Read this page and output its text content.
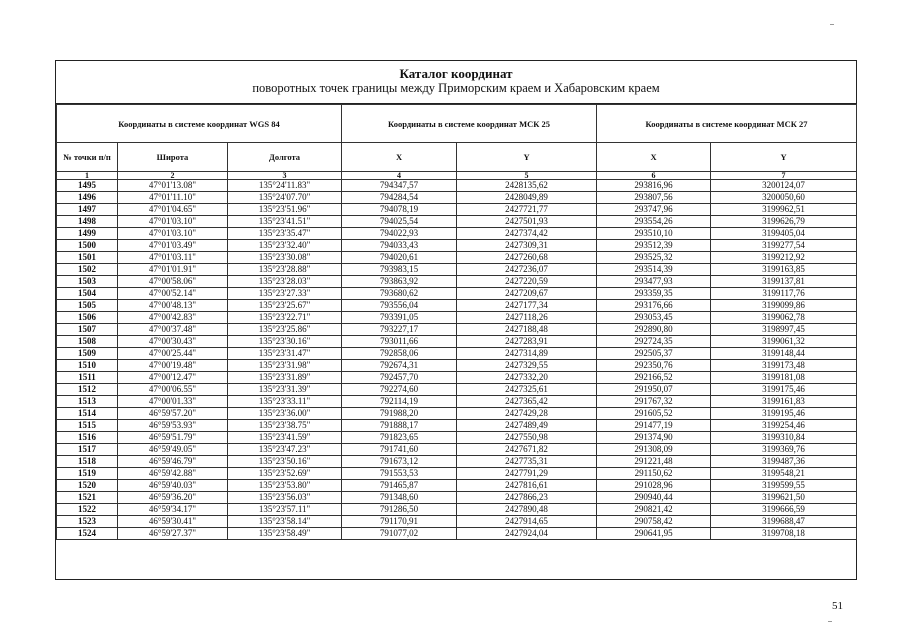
Каталог координат
поворотных точек границы между Приморским краем и Хабаровским краем
Координаты в системе координат WGS 84			Координаты в системе координат МСК 25		Координаты в системе координат МСК 27	
№ точки п/п	Широта	Долгота	X	Y	X	Y
1	2	3	4	5	6	7
1495	47°01'13.08"	135°24'11.83"	794347,57	2428135,62	293816,96	3200124,07
1496	47°01'11.10"	135°24'07.70"	794284,54	2428049,89	293807,56	3200050,60
1497	47°01'04.65"	135°23'51.96"	794078,19	2427721,77	293747,96	3199962,51
1498	47°01'03.10"	135°23'41.51"	794025,54	2427501,93	293554,26	3199626,79
1499	47°01'03.10"	135°23'35.47"	794022,93	2427374,42	293510,10	3199405,04
1500	47°01'03.49"	135°23'32.40"	794033,43	2427309,31	293512,39	3199277,54
1501	47°01'03.11"	135°23'30.08"	794020,61	2427260,68	293525,32	3199212,92
1502	47°01'01.91"	135°23'28.88"	793983,15	2427236,07	293514,39	3199163,85
1503	47°00'58.06"	135°23'28.03"	793863,92	2427220,59	293477,93	3199137,81
1504	47°00'52.14"	135°23'27.33"	793680,62	2427209,67	293359,35	3199117,76
1505	47°00'48.13"	135°23'25.67"	793556,04	2427177,34	293176,66	3199099,86
1506	47°00'42.83"	135°23'22.71"	793391,05	2427118,26	293053,45	3199062,78
1507	47°00'37.48"	135°23'25.86"	793227,17	2427188,48	292890,80	3198997,45
1508	47°00'30.43"	135°23'30.16"	793011,66	2427283,91	292724,35	3199061,32
1509	47°00'25.44"	135°23'31.47"	792858,06	2427314,89	292505,37	3199148,44
1510	47°00'19.48"	135°23'31.98"	792674,31	2427329,55	292350,76	3199173,48
1511	47°00'12.47"	135°23'31.89"	792457,70	2427332,20	292166,52	3199181,08
1512	47°00'06.55"	135°23'31.39"	792274,60	2427325,61	291950,07	3199175,46
1513	47°00'01.33"	135°23'33.11"	792114,19	2427365,42	291767,32	3199161,83
1514	46°59'57.20"	135°23'36.00"	791988,20	2427429,28	291605,52	3199195,46
1515	46°59'53.93"	135°23'38.75"	791888,17	2427489,49	291477,19	3199254,46
1516	46°59'51.79"	135°23'41.59"	791823,65	2427550,98	291374,90	3199310,84
1517	46°59'49.05"	135°23'47.23"	791741,60	2427671,82	291308,09	3199369,76
1518	46°59'46.79"	135°23'50.16"	791673,12	2427735,31	291221,48	3199487,36
1519	46°59'42.88"	135°23'52.69"	791553,53	2427791,29	291150,62	3199548,21
1520	46°59'40.03"	135°23'53.80"	791465,87	2427816,61	291028,96	3199599,55
1521	46°59'36.20"	135°23'56.03"	791348,60	2427866,23	290940,44	3199621,50
1522	46°59'34.17"	135°23'57.11"	791286,50	2427890,48	290821,42	3199666,59
1523	46°59'30.41"	135°23'58.14"	791170,91	2427914,65	290758,42	3199688,47
1524	46°59'27.37"	135°23'58.49"	791077,02	2427924,04	290641,95	3199708,18
51
